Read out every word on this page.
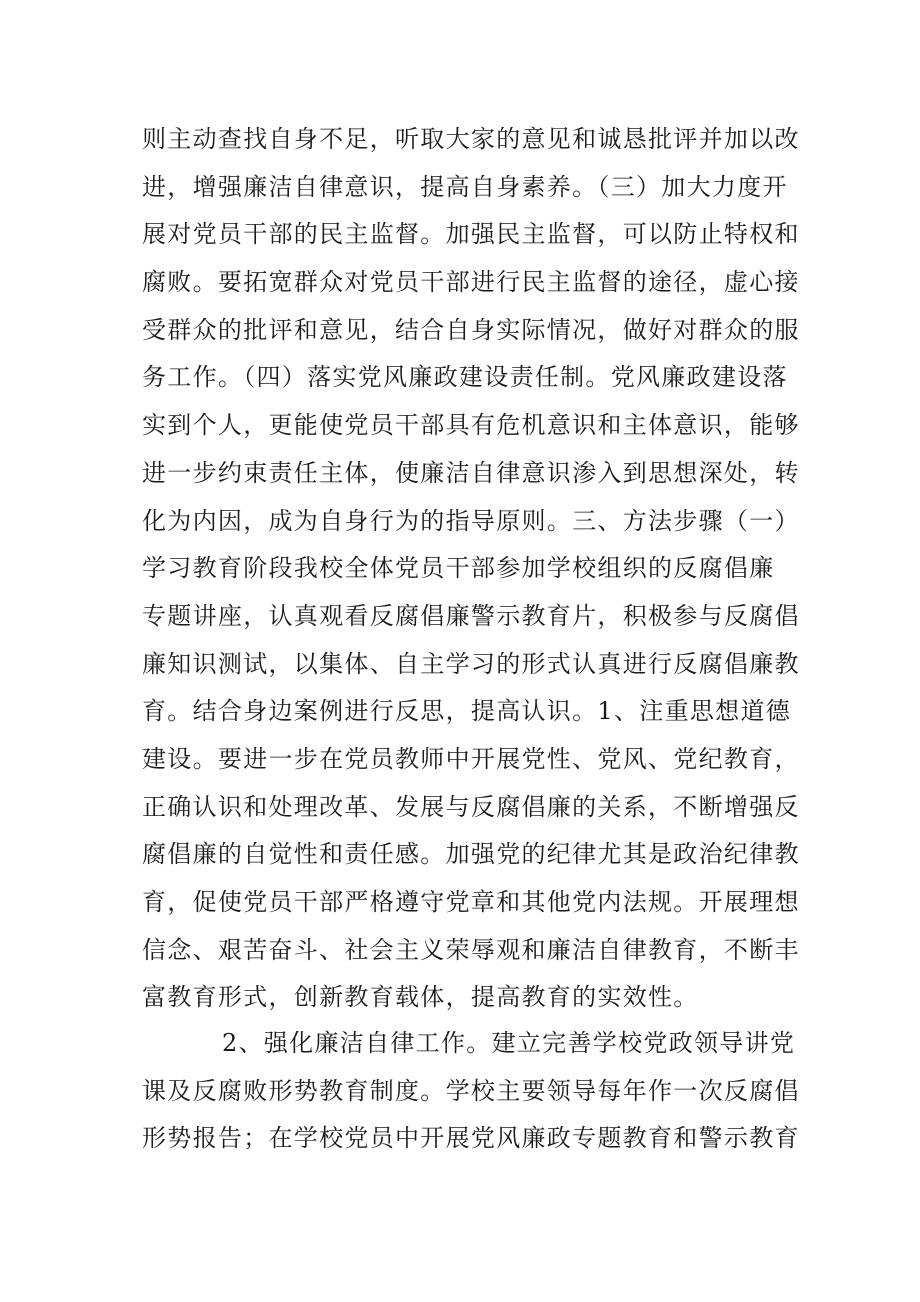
则主动查找自身不足，听取大家的意见和诚恳批评并加以改
进，增强廉洁自律意识，提高自身素养。（三）加大力度开
展对党员干部的民主监督。加强民主监督，可以防止特权和
腐败。要拓宽群众对党员干部进行民主监督的途径，虚心接
受群众的批评和意见，结合自身实际情况，做好对群众的服
务工作。（四）落实党风廉政建设责任制。党风廉政建设落
实到个人，更能使党员干部具有危机意识和主体意识，能够
进一步约束责任主体，使廉洁自律意识渗入到思想深处，转
化为内因，成为自身行为的指导原则。三、方法步骤（一）
学习教育阶段我校全体党员干部参加学校组织的反腐倡廉
专题讲座，认真观看反腐倡廉警示教育片，积极参与反腐倡
廉知识测试，以集体、自主学习的形式认真进行反腐倡廉教
育。结合身边案例进行反思，提高认识。1、注重思想道德
建设。要进一步在党员教师中开展党性、党风、党纪教育，
正确认识和处理改革、发展与反腐倡廉的关系，不断增强反
腐倡廉的自觉性和责任感。加强党的纪律尤其是政治纪律教
育，促使党员干部严格遵守党章和其他党内法规。开展理想
信念、艰苦奋斗、社会主义荣辱观和廉洁自律教育，不断丰
富教育形式，创新教育载体，提高教育的实效性。
2、强化廉洁自律工作。建立完善学校党政领导讲党
课及反腐败形势教育制度。学校主要领导每年作一次反腐倡
形势报告；在学校党员中开展党风廉政专题教育和警示教育
